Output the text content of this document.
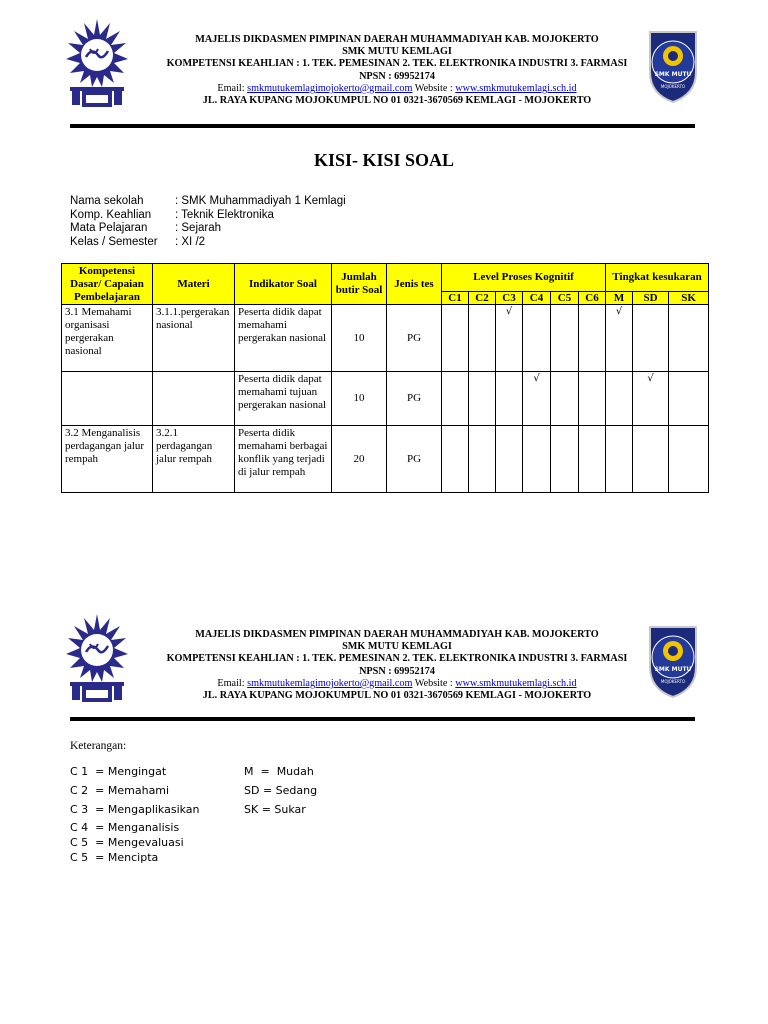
MAJELIS DIKDASMEN PIMPINAN DAERAH MUHAMMADIYAH KAB. MOJOKERTO
SMK MUTU KEMLAGI
KOMPETENSI KEAHLIAN : 1. TEK. PEMESINAN 2. TEK. ELEKTRONIKA INDUSTRI 3. FARMASI
NPSN : 69952174
Email: smkmutukemlagimojokerto@gmail.com Website : www.smkmutukemlagi.sch.id
JL. RAYA KUPANG MOJOKUMPUL NO 01 0321-3670569 KEMLAGI - MOJOKERTO
SMK MUTU
MOJOKERTO
KISI- KISI SOAL
Nama sekolah	: SMK Muhammadiyah 1 Kemlagi
Komp. Keahlian	: Teknik Elektronika
Mata Pelajaran	: Sejarah
Kelas / Semester	: XI /2
Kompetensi Dasar/ Capaian Pembelajaran	Materi	Indikator Soal	Jumlah butir Soal	Jenis tes	Level Proses Kognitif						Tingkat kesukaran		
					C1	C2	C3	C4	C5	C6	M	SD	SK
3.1 Memahami organisasi pergerakan nasional	3.1.1.pergerakan nasional	Peserta didik dapat memahami pergerakan nasional	10	PG			√				√		
		Peserta didik dapat memahami tujuan pergerakan nasional	10	PG				√				√	
3.2 Menganalisis perdagangan jalur rempah	3.2.1 perdagangan jalur rempah	Peserta didik memahami berbagai konflik yang terjadi di jalur rempah	20	PG									
MAJELIS DIKDASMEN PIMPINAN DAERAH MUHAMMADIYAH KAB. MOJOKERTO
SMK MUTU KEMLAGI
KOMPETENSI KEAHLIAN : 1. TEK. PEMESINAN 2. TEK. ELEKTRONIKA INDUSTRI 3. FARMASI
NPSN : 69952174
Email: smkmutukemlagimojokerto@gmail.com Website : www.smkmutukemlagi.sch.id
JL. RAYA KUPANG MOJOKUMPUL NO 01 0321-3670569 KEMLAGI - MOJOKERTO
SMK MUTU
MOJOKERTO
Keterangan:
C 1  = Mengingat
C 2  = Memahami
C 3  = Mengaplikasikan
C 4  = Menganalisis
C 5  = Mengevaluasi
C 5  = Mencipta
M  =  Mudah
SD = Sedang
SK = Sukar
